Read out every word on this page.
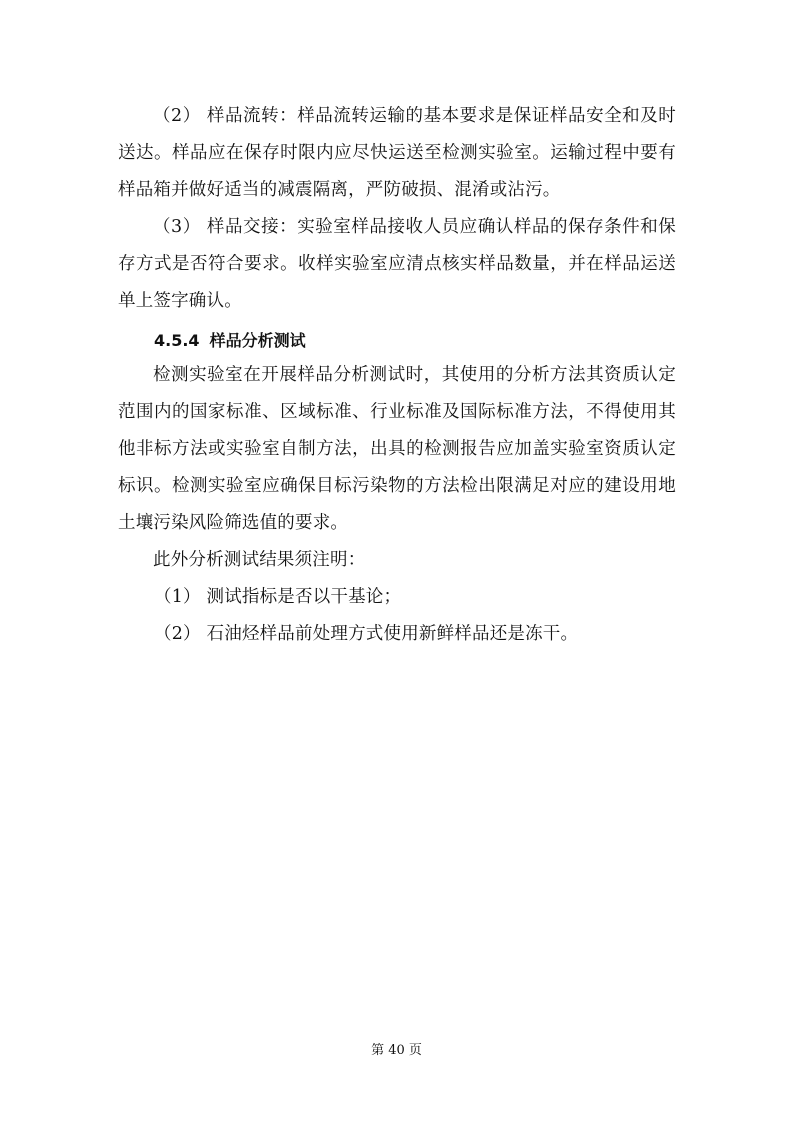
（2） 样品流转：样品流转运输的基本要求是保证样品安全和及时送达。样品应在保存时限内应尽快运送至检测实验室。运输过程中要有样品箱并做好适当的减震隔离，严防破损、混淆或沾污。

（3） 样品交接：实验室样品接收人员应确认样品的保存条件和保存方式是否符合要求。收样实验室应清点核实样品数量，并在样品运送单上签字确认。

4.5.4 样品分析测试

检测实验室在开展样品分析测试时，其使用的分析方法其资质认定范围内的国家标准、区域标准、行业标准及国际标准方法，不得使用其他非标方法或实验室自制方法，出具的检测报告应加盖实验室资质认定标识。检测实验室应确保目标污染物的方法检出限满足对应的建设用地土壤污染风险筛选值的要求。

此外分析测试结果须注明：

（1） 测试指标是否以干基论；

（2） 石油烃样品前处理方式使用新鲜样品还是冻干。

第 40 页
